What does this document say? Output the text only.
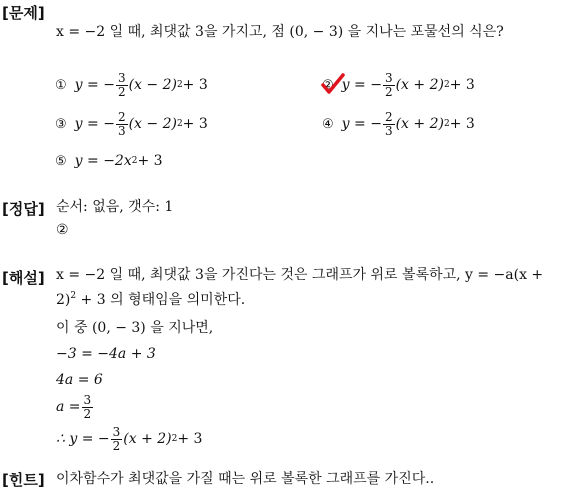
[문제]
x = −2 일 때, 최댓값 3을 가지고, 점 (0, − 3) 을 지나는 포물선의 식은?
① y = − $\frac{3}{2} (x - 2) 2 + 3$	② y = − $\frac{3}{2} (x + 2) 2 + 3$
③ y = − $\frac{2}{3} (x - 2) 2 + 3$	④ y = − $\frac{2}{3} (x + 2) 2 + 3$
⑤ y = −2x 2 + 3
[정답] 순서: 없음, 갯수: 1
②
[해설] x = −2 일 때, 최댓값 3을 가진다는 것은 그래프가 위로 볼록하고, y = −a(x +
2)$^2$ + 3 의 형태임을 의미한다.
이 중 (0, − 3) 을 지나면,
−3 = −4a + 3
4a = 6
$a = \frac{3}{2}$
∴ y = − $\frac{3}{2} (x + 2) 2 + 3$
[힌트] 이차함수가 최댓값을 가질 때는 위로 볼록한 그래프를 가진다..
